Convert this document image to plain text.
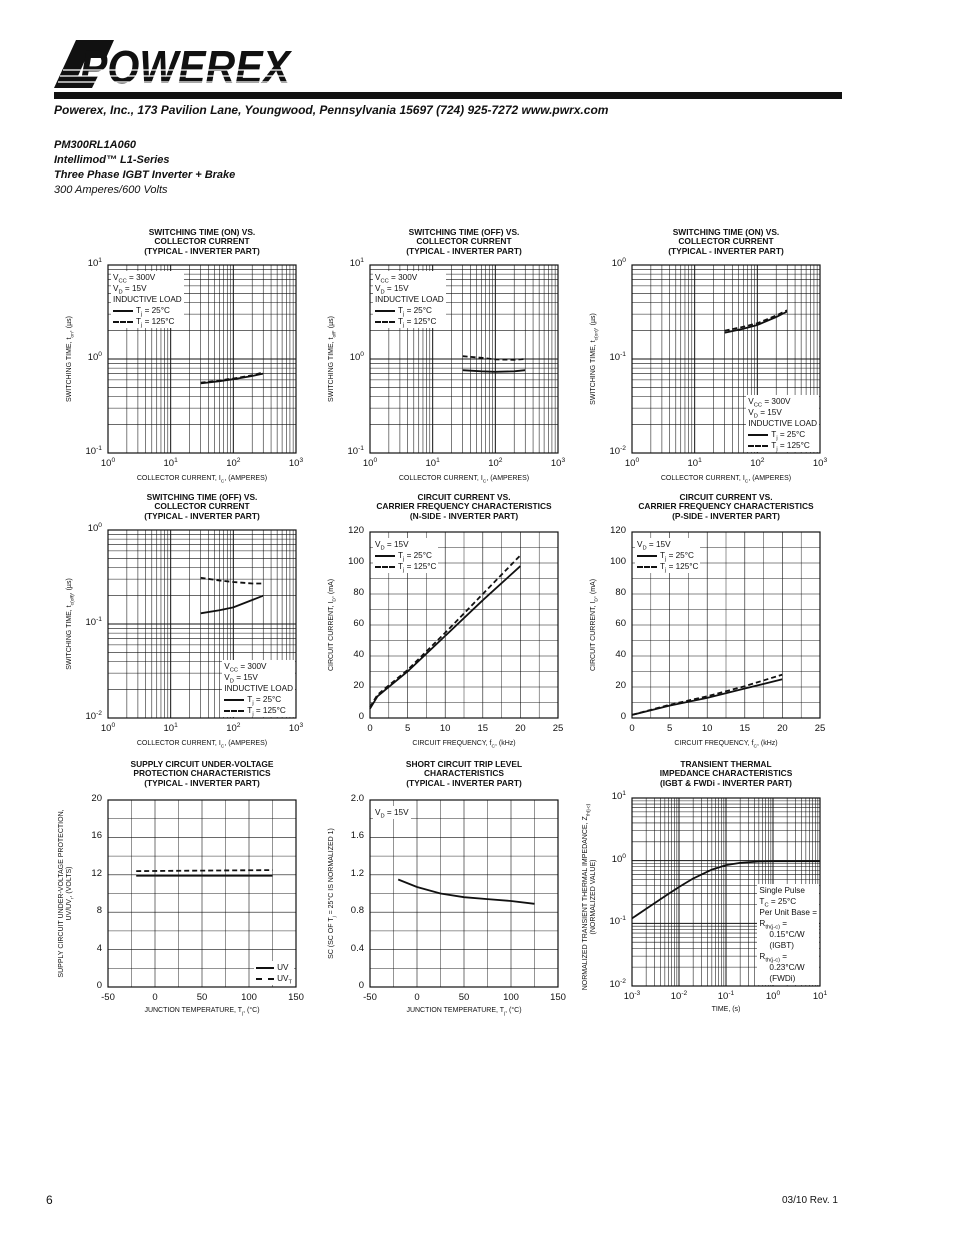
POWEREX
Powerex, Inc., 173 Pavilion Lane, Youngwood, Pennsylvania 15697 (724) 925-7272 www.pwrx.com
PM300RL1A060
Intellimod™ L1-Series
Three Phase IGBT Inverter + Brake
300 Amperes/600 Volts
$V_{CC} = 300V$
$V_D = 15V$
INDUCTIVE LOAD
$T_j = 25^\circ C$
$T_j = 125^\circ C$
SWITCHING TIME (ON) VS.
COLLECTOR CURRENT
(TYPICAL - INVERTER PART)
$10^0$	$10^1$	$10^2$	$10^3$
$10^1$
$10^0$
$10^{-1}$
COLLECTOR CURRENT, $I_C$, (AMPERES)
SWITCHING TIME, $t_{on}$, (µs)
$V_{CC} = 300V$
$V_D = 15V$
INDUCTIVE LOAD
$T_j = 25^\circ C$
$T_j = 125^\circ C$
SWITCHING TIME (OFF) VS.
COLLECTOR CURRENT
(TYPICAL - INVERTER PART)
$10^0$	$10^1$	$10^2$	$10^3$
$10^1$
$10^0$
$10^{-1}$
COLLECTOR CURRENT, $I_C$, (AMPERES)
SWITCHING TIME, $t_{off}$, (µs)
$V_{CC} = 300V$
$V_D = 15V$
INDUCTIVE LOAD
$T_j = 25^\circ C$
$T_j = 125^\circ C$
SWITCHING TIME (ON) VS.
COLLECTOR CURRENT
(TYPICAL - INVERTER PART)
$10^0$	$10^1$	$10^2$	$10^3$
$10^0$
$10^{-1}$
$10^{-2}$
COLLECTOR CURRENT, $I_C$, (AMPERES)
SWITCHING TIME, $t_{c(on)}$, (µs)
$V_{CC} = 300V$
$V_D = 15V$
INDUCTIVE LOAD
$T_j = 25^\circ C$
$T_j = 125^\circ C$
SWITCHING TIME (OFF) VS.
COLLECTOR CURRENT
(TYPICAL - INVERTER PART)
$10^0$	$10^1$	$10^2$	$10^3$
$10^0$
$10^{-1}$
$10^{-2}$
COLLECTOR CURRENT, $I_C$, (AMPERES)
SWITCHING TIME, $t_{c(off)}$, (µs)
$V_D = 15V$
$T_j = 25^\circ C$
$T_j = 125^\circ C$
CIRCUIT CURRENT VS.
CARRIER FREQUENCY CHARACTERISTICS
(N-SIDE - INVERTER PART)
0	5	10	15	20	25
120
100
80
60
40
20
0
CIRCUIT FREQUENCY, $f_C$, (kHz)
CIRCUIT CURRENT, $I_D$, (mA)
$V_D = 15V$
$T_j = 25^\circ C$
$T_j = 125^\circ C$
CIRCUIT CURRENT VS.
CARRIER FREQUENCY CHARACTERISTICS
(P-SIDE - INVERTER PART)
0	5	10	15	20	25
120
100
80
60
40
20
0
CIRCUIT FREQUENCY, $f_C$, (kHz)
CIRCUIT CURRENT, $I_D$, (mA)
UV
$UV_T$
SUPPLY CIRCUIT UNDER-VOLTAGE
PROTECTION CHARACTERISTICS
(TYPICAL - INVERTER PART)
-50	0	50	100	150
20
16
12
8
4
0
JUNCTION TEMPERATURE, $T_j$, (°C)
SUPPLY CIRCUIT UNDER-VOLTAGE PROTECTION, $UV/UV_r$, (VOLTS)
$V_D = 15V$
SHORT CIRCUIT TRIP LEVEL
CHARACTERISTICS
(TYPICAL - INVERTER PART)
-50	0	50	100	150
2.0
1.6
1.2
0.8
0.4
0
JUNCTION TEMPERATURE, $T_j$, (°C)
SC (SC OF $T_j = 25^\circ C$ IS NORMALIZED 1)	Single Pulse
$T_C = 25^\circ C$
Per Unit Base =
$R_{th(j-c)}$ =
0.15°C/W
(IGBT)
$R_{th(j-c)}$ =
0.23°C/W
(FWDi)
TRANSIENT THERMAL
IMPEDANCE CHARACTERISTICS
(IGBT & FWDi - INVERTER PART)
$10^{-3}$	$10^{-2}$	$10^{-1}$	$10^0$	$10^1$
$10^1$
$10^0$
$10^{-1}$
$10^{-2}$
TIME, (s)
NORMALIZED TRANSIENT THERMAL IMPEDANCE, $Z_{th(j-c)}$ (NORMALIZED VALUE)
6	03/10 Rev. 1
